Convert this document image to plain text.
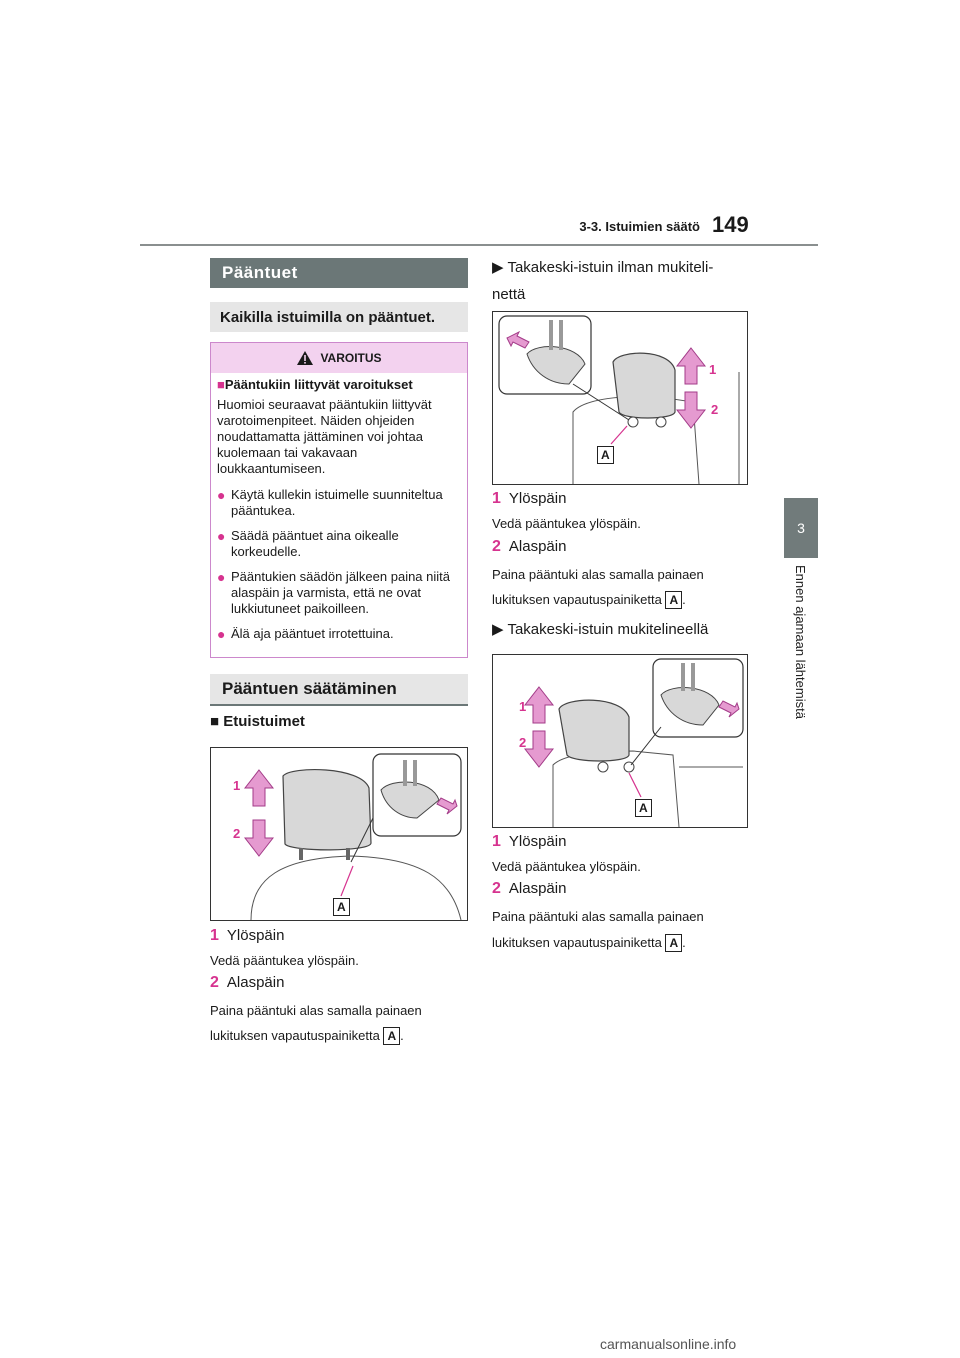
3-3. Istuimien säätö 149
3
Ennen ajamaan lähtemistä
Pääntuet
Kaikilla istuimilla on pääntuet.
VAROITUS
■Pääntukiin liittyvät varoitukset

Huomioi seuraavat pääntukiin liittyvät varotoimenpiteet. Näiden ohjeiden noudattamatta jättäminen voi johtaa kuolemaan tai vakavaan loukkaantumiseen.

● Käytä kullekin istuimelle suunniteltua pääntukea.
● Säädä pääntuet aina oikealle korkeudelle.
● Pääntukien säädön jälkeen paina niitä alaspäin ja varmista, että ne ovat lukkiutuneet paikoilleen.
● Älä aja pääntuet irrotettuina.
Pääntuen säätäminen
■ Etuistuimet
1
2
A
1 Ylöspäin
Vedä pääntukea ylöspäin.
2 Alaspäin
Paina pääntuki alas samalla painaen
lukituksen vapautuspainiketta A .
▶ Takakeski-istuin ilman mukiteli-nettä
1
2
A
1 Ylöspäin
Vedä pääntukea ylöspäin.
2 Alaspäin
Paina pääntuki alas samalla painaen
lukituksen vapautuspainiketta A .
▶ Takakeski-istuin mukitelineellä
1
2
A
1 Ylöspäin
Vedä pääntukea ylöspäin.
2 Alaspäin
Paina pääntuki alas samalla painaen
lukituksen vapautuspainiketta A .
carmanualsonline.info
